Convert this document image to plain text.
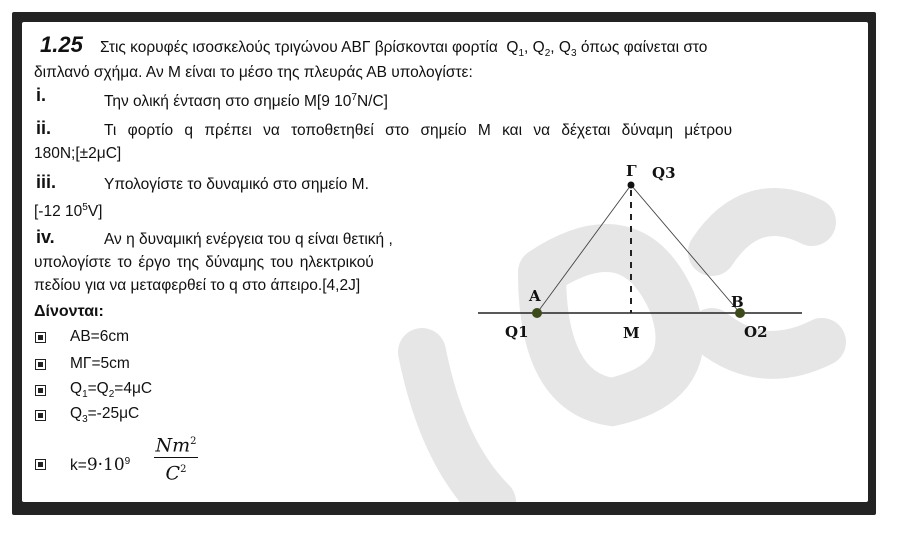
1.25 Στις κορυφές ισοσκελούς τριγώνου ΑΒΓ βρίσκονται φορτία $Q_1$, $Q_2$, $Q_3$ όπως φαίνεται στο
διπλανό σχήμα. Αν Μ είναι το μέσο της πλευράς ΑΒ υπολογίστε:
i.	Την ολική ένταση στο σημείο Μ[9 $10^7N/C$]
ii.	Τι φορτίο q πρέπει να τοποθετηθεί στο σημείο Μ και να δέχεται δύναμη μέτρου
180N;[±2μC]
iii.	Υπολογίστε το δυναμικό στο σημείο Μ.
[-12 $10^5V$]
iv.	Αν η δυναμική ενέργεια του q είναι θετική ,
υπολογίστε το έργο της δύναμης του ηλεκτρικού
πεδίου για να μεταφερθεί το q στο άπειρο.[4,2J]
Δίνονται:
AB=6cm
ΜΓ=5cm
$Q_1=Q_2=4\mu C$
$Q_3=-25\mu C$
$k=9\cdot 10^9$
Nm$^2$
$C^2$
Γ Q3
A	B
Q1	M	O2
